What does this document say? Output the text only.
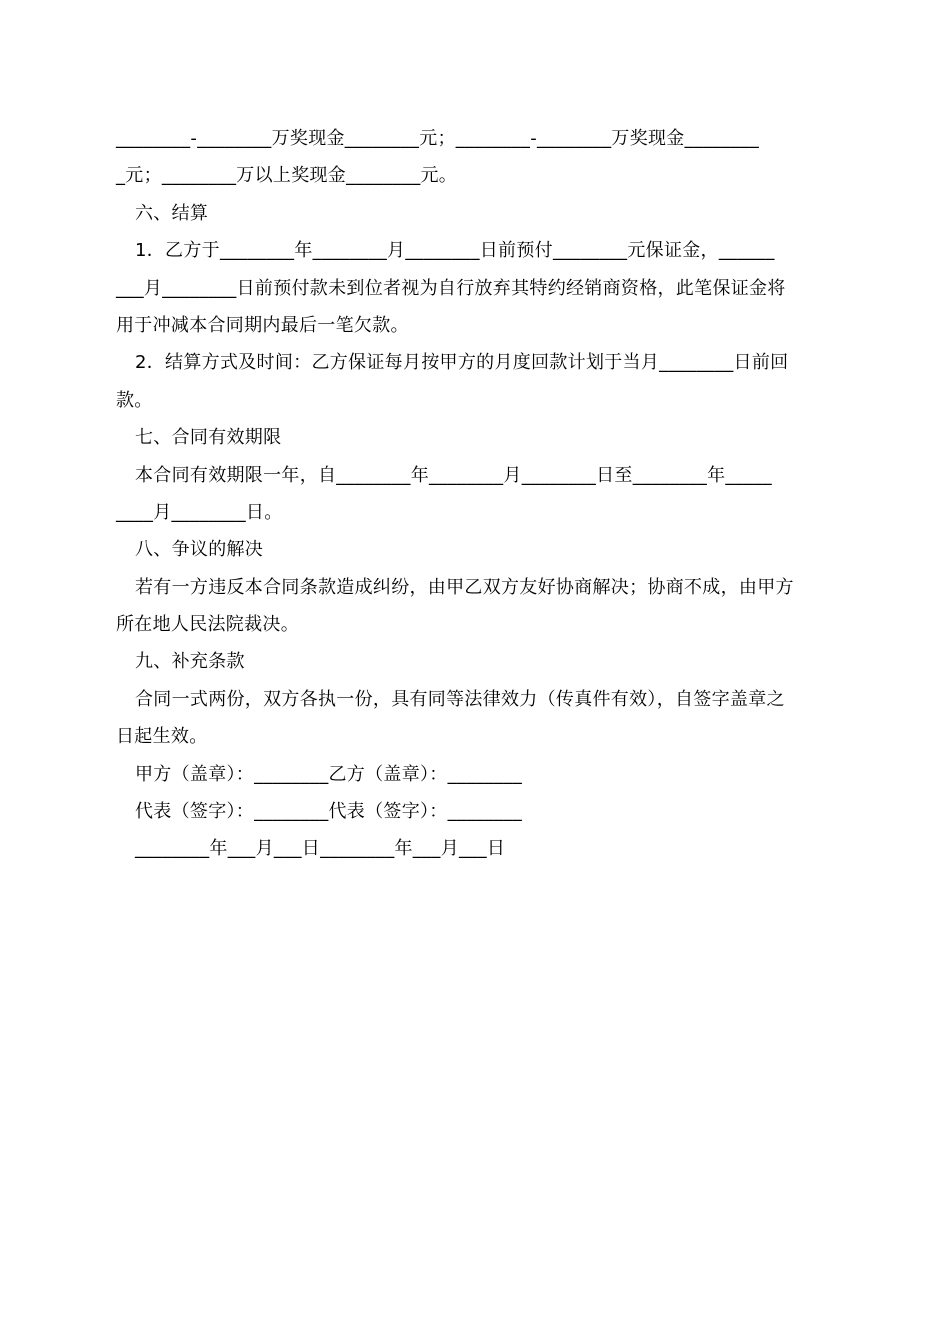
________-________万奖现金________元；________-________万奖现金________
_元；________万以上奖现金________元。
六、结算
1．乙方于________年________月________日前预付________元保证金，______
___月________日前预付款未到位者视为自行放弃其特约经销商资格，此笔保证金将
用于冲减本合同期内最后一笔欠款。
2．结算方式及时间：乙方保证每月按甲方的月度回款计划于当月________日前回
款。
七、合同有效期限
本合同有效期限一年，自________年________月________日至________年_____
____月________日。
八、争议的解决
若有一方违反本合同条款造成纠纷，由甲乙双方友好协商解决；协商不成，由甲方
所在地人民法院裁决。
九、补充条款
合同一式两份，双方各执一份，具有同等法律效力（传真件有效），自签字盖章之
日起生效。
甲方（盖章）：________乙方（盖章）：________
代表（签字）：________代表（签字）：________
________年___月___日________年___月___日
